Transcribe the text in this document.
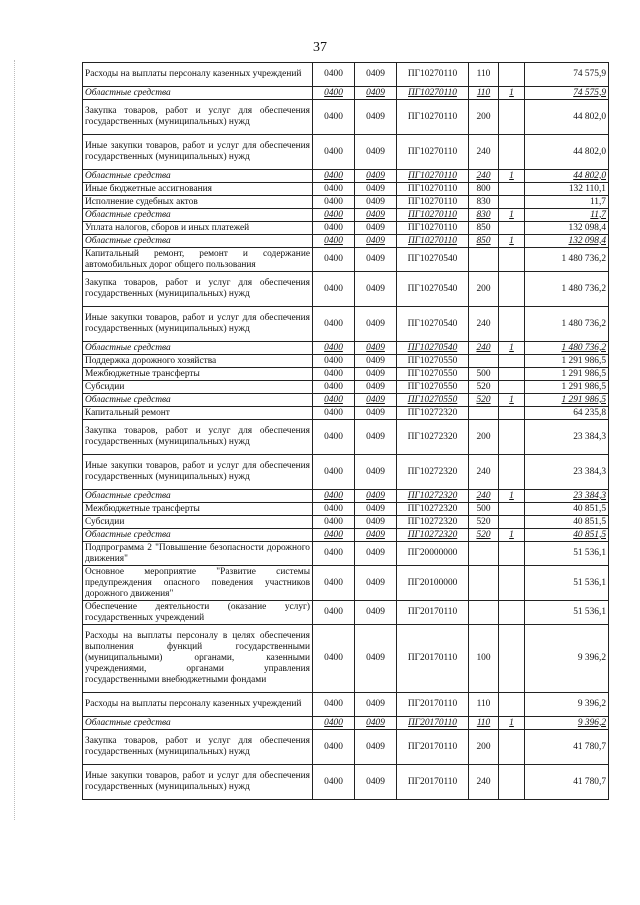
37
Расходы на выплаты персоналу казенных учреждений	0400	0409	ПГ10270110	110		74 575,9
Областные средства	0400	0409	ПГ10270110	110	1	74 575,9
Закупка товаров, работ и услуг для обеспечения государственных (муниципальных) нужд	0400	0409	ПГ10270110	200		44 802,0
Иные закупки товаров, работ и услуг для обеспечения государственных (муниципальных) нужд	0400	0409	ПГ10270110	240		44 802,0
Областные средства	0400	0409	ПГ10270110	240	1	44 802,0
Иные бюджетные ассигнования	0400	0409	ПГ10270110	800		132 110,1
Исполнение судебных актов	0400	0409	ПГ10270110	830		11,7
Областные средства	0400	0409	ПГ10270110	830	1	11,7
Уплата налогов, сборов и иных платежей	0400	0409	ПГ10270110	850		132 098,4
Областные средства	0400	0409	ПГ10270110	850	1	132 098,4
Капитальный ремонт, ремонт и содержание автомобильных дорог общего пользования	0400	0409	ПГ10270540			1 480 736,2
Закупка товаров, работ и услуг для обеспечения государственных (муниципальных) нужд	0400	0409	ПГ10270540	200		1 480 736,2
Иные закупки товаров, работ и услуг для обеспечения государственных (муниципальных) нужд	0400	0409	ПГ10270540	240		1 480 736,2
Областные средства	0400	0409	ПГ10270540	240	1	1 480 736,2
Поддержка дорожного хозяйства	0400	0409	ПГ10270550			1 291 986,5
Межбюджетные трансферты	0400	0409	ПГ10270550	500		1 291 986,5
Субсидии	0400	0409	ПГ10270550	520		1 291 986,5
Областные средства	0400	0409	ПГ10270550	520	1	1 291 986,5
Капитальный ремонт	0400	0409	ПГ10272320			64 235,8
Закупка товаров, работ и услуг для обеспечения государственных (муниципальных) нужд	0400	0409	ПГ10272320	200		23 384,3
Иные закупки товаров, работ и услуг для обеспечения государственных (муниципальных) нужд	0400	0409	ПГ10272320	240		23 384,3
Областные средства	0400	0409	ПГ10272320	240	1	23 384,3
Межбюджетные трансферты	0400	0409	ПГ10272320	500		40 851,5
Субсидии	0400	0409	ПГ10272320	520		40 851,5
Областные средства	0400	0409	ПГ10272320	520	1	40 851,5
Подпрограмма 2 "Повышение безопасности дорожного движения"	0400	0409	ПГ20000000			51 536,1
Основное мероприятие "Развитие системы предупреждения опасного поведения участников дорожного движения"	0400	0409	ПГ20100000			51 536,1
Обеспечение деятельности (оказание услуг) государственных учреждений	0400	0409	ПГ20170110			51 536,1
Расходы на выплаты персоналу в целях обеспечения выполнения функций государственными (муниципальными) органами, казенными учреждениями, органами управления государственными внебюджетными фондами	0400	0409	ПГ20170110	100		9 396,2
Расходы на выплаты персоналу казенных учреждений	0400	0409	ПГ20170110	110		9 396,2
Областные средства	0400	0409	ПГ20170110	110	1	9 396,2
Закупка товаров, работ и услуг для обеспечения государственных (муниципальных) нужд	0400	0409	ПГ20170110	200		41 780,7
Иные закупки товаров, работ и услуг для обеспечения государственных (муниципальных) нужд	0400	0409	ПГ20170110	240		41 780,7
